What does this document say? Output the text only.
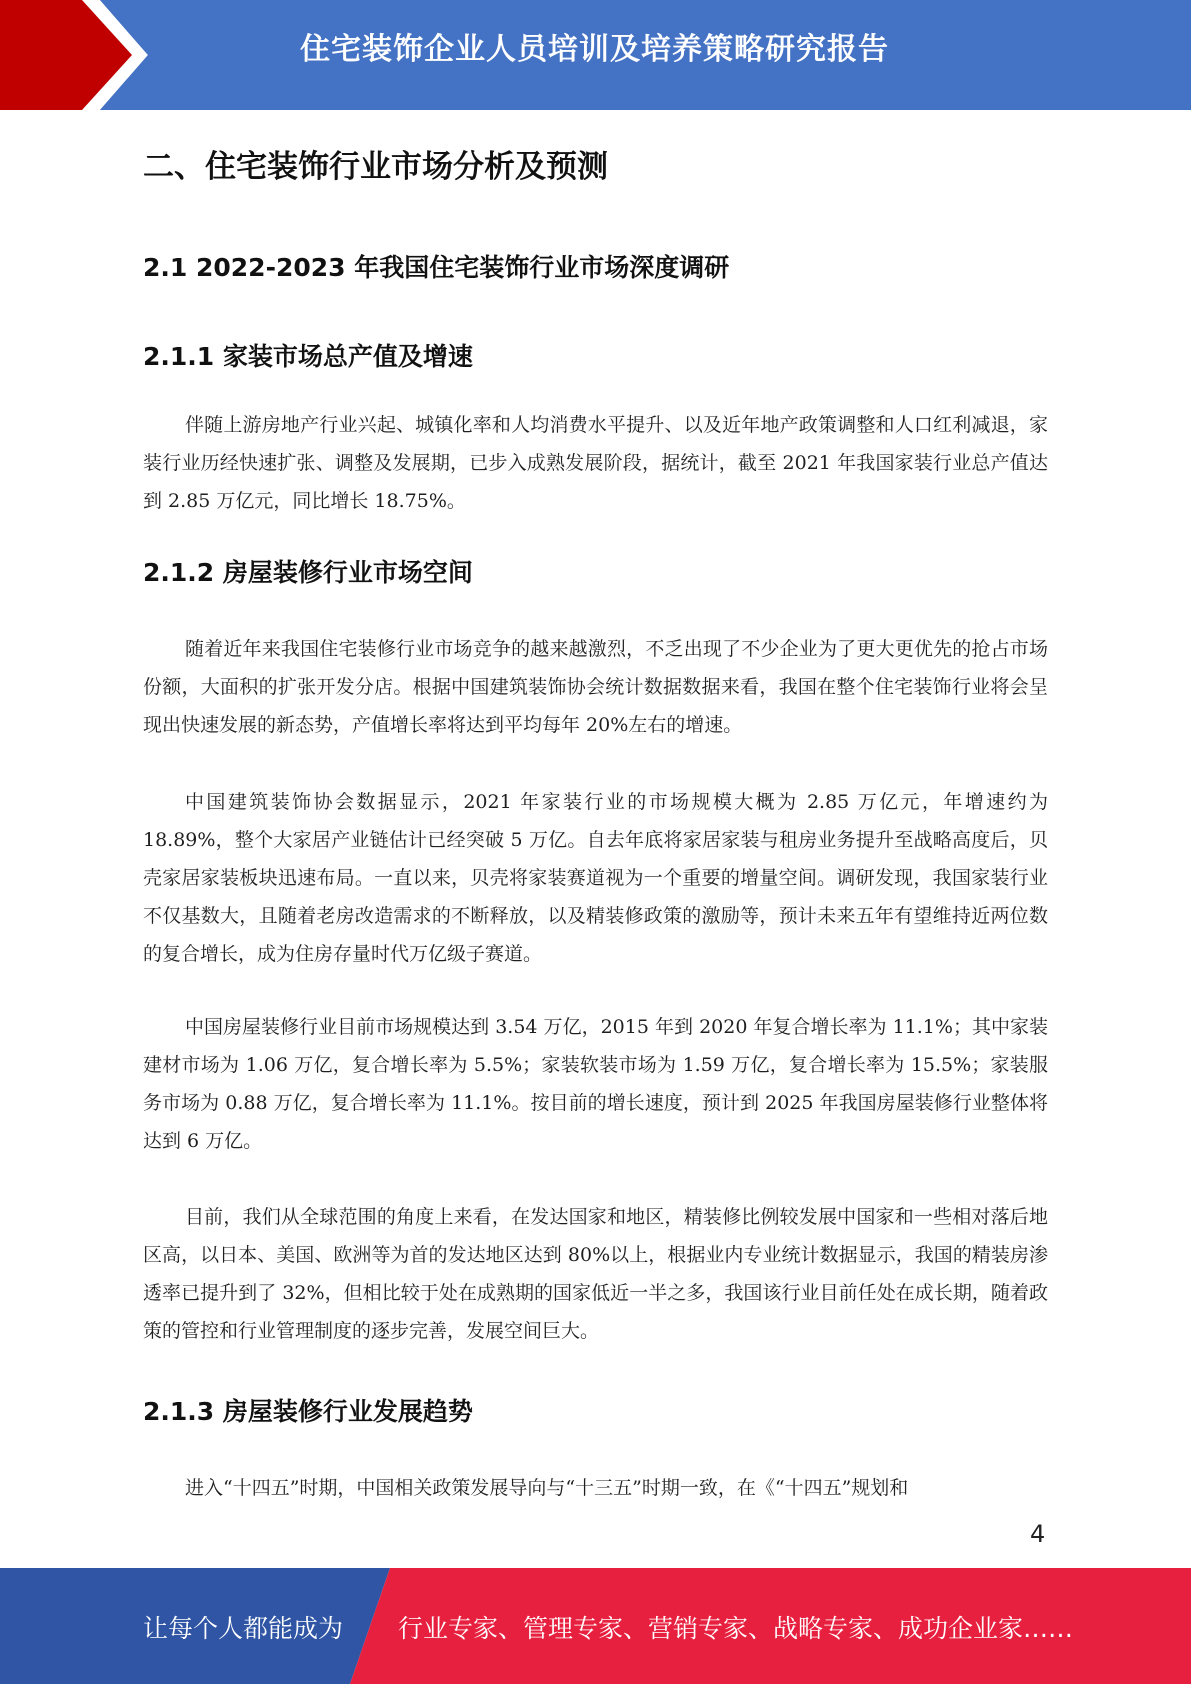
住宅装饰企业人员培训及培养策略研究报告
二、住宅装饰行业市场分析及预测
2.1 2022-2023 年我国住宅装饰行业市场深度调研
2.1.1 家装市场总产值及增速
伴随上游房地产行业兴起、城镇化率和人均消费水平提升、以及近年地产政策调整和人口红利减退，家装行业历经快速扩张、调整及发展期，已步入成熟发展阶段，据统计，截至 2021 年我国家装行业总产值达到 2.85 万亿元，同比增长 18.75%。
2.1.2 房屋装修行业市场空间
随着近年来我国住宅装修行业市场竞争的越来越激烈，不乏出现了不少企业为了更大更优先的抢占市场份额，大面积的扩张开发分店。根据中国建筑装饰协会统计数据数据来看，我国在整个住宅装饰行业将会呈现出快速发展的新态势，产值增长率将达到平均每年 20%左右的增速。
中国建筑装饰协会数据显示，2021 年家装行业的市场规模大概为 2.85 万亿元，年增速约为 18.89%，整个大家居产业链估计已经突破 5 万亿。自去年底将家居家装与租房业务提升至战略高度后，贝壳家居家装板块迅速布局。一直以来，贝壳将家装赛道视为一个重要的增量空间。调研发现，我国家装行业不仅基数大，且随着老房改造需求的不断释放，以及精装修政策的激励等，预计未来五年有望维持近两位数的复合增长，成为住房存量时代万亿级子赛道。
中国房屋装修行业目前市场规模达到 3.54 万亿，2015 年到 2020 年复合增长率为 11.1%；其中家装建材市场为 1.06 万亿，复合增长率为 5.5%；家装软装市场为 1.59 万亿，复合增长率为 15.5%；家装服务市场为 0.88 万亿，复合增长率为 11.1%。按目前的增长速度，预计到 2025 年我国房屋装修行业整体将达到 6 万亿。
目前，我们从全球范围的角度上来看，在发达国家和地区，精装修比例较发展中国家和一些相对落后地区高，以日本、美国、欧洲等为首的发达地区达到 80%以上，根据业内专业统计数据显示，我国的精装房渗透率已提升到了 32%，但相比较于处在成熟期的国家低近一半之多，我国该行业目前任处在成长期，随着政策的管控和行业管理制度的逐步完善，发展空间巨大。
2.1.3 房屋装修行业发展趋势
进入“十四五”时期，中国相关政策发展导向与“十三五”时期一致，在《“十四五”规划和
4
让每个人都能成为 行业专家、管理专家、营销专家、战略专家、成功企业家……
